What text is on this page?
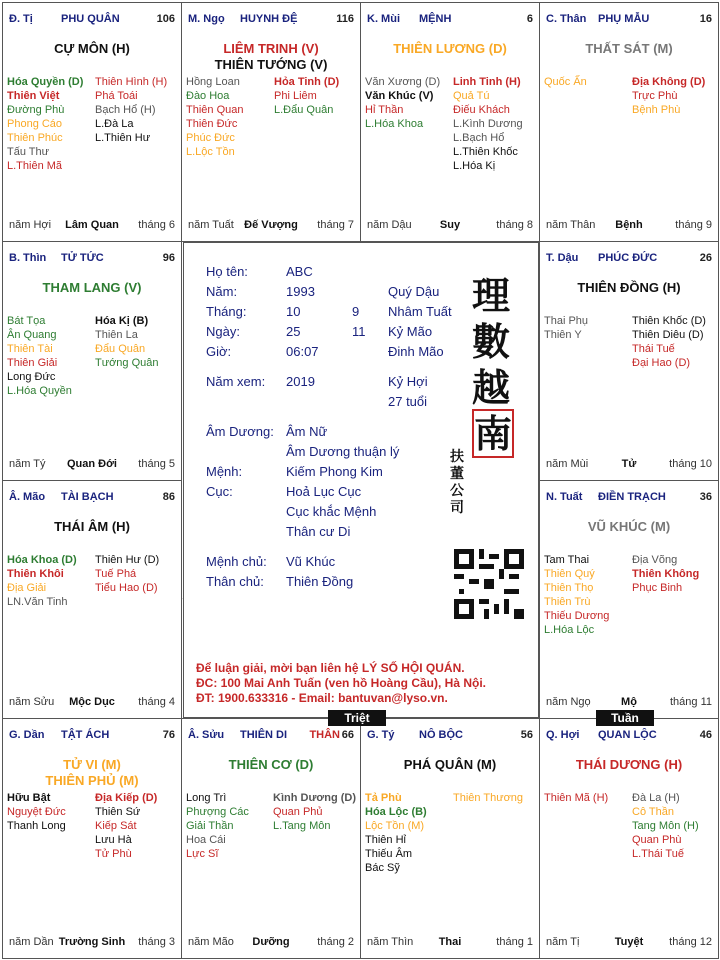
Q. Hợi QUAN LỘC	46
THÁI DƯƠNG (H)
Thiên Mã (H)	Đà La (H)
Cô Thần
Tang Môn (H)
Quan Phù
L.Thái Tuế
năm Tị	Tuyệt	tháng 12
G. Tý NÔ BỘC	56
PHÁ QUÂN (M)
Tả Phù
Hóa Lộc (B)
Lộc Tồn (M)
Thiên Hỉ
Thiếu Âm
Bác Sỹ
Thiên Thương
năm Thìn	Thai	tháng 1
Â. Sửu THIÊN DI	66
THÂN
THIÊN CƠ (D)
Long Trì
Phượng Các
Giải Thần
Hoa Cái
Lực Sĩ
Kình Dương (D)
Quan Phủ
L.Tang Môn
năm Mão	Dưỡng	tháng 2
G. Dần TẬT ÁCH	76
TỬ VI (M)
THIÊN PHỦ (M)
Hữu Bật
Nguyệt Đức
Thanh Long
Địa Kiếp (D)
Thiên Sứ
Kiếp Sát
Lưu Hà
Tử Phù
năm Dần Trường Sinh	tháng 3
N. Tuất ĐIỀN TRẠCH	36
VŨ KHÚC (M)
Tam Thai
Thiên Quý
Thiên Thọ
Thiên Trù
Thiếu Dương
L.Hóa Lộc
Địa Võng
Thiên Không
Phục Binh
năm Ngọ	Mộ	tháng 11
Â. Mão TÀI BẠCH	86
THÁI ÂM (H)
Hóa Khoa (D)
Thiên Khôi
Địa Giải
LN.Văn Tinh
Thiên Hư (D)
Tuế Phá
Tiểu Hao (D)
năm Sửu	Mộc Dục	tháng 4
T. Dậu PHÚC ĐỨC	26
THIÊN ĐỒNG (H)
Thai Phụ
Thiên Y
Thiên Khốc (D)
Thiên Diêu (D)
Thái Tuế
Đại Hao (D)
năm Mùi	Tử	tháng 10
B. Thìn TỬ TỨC	96
THAM LANG (V)
Bát Tọa
Ân Quang
Thiên Tài
Thiên Giải
Long Đức
L.Hóa Quyền
Hóa Kị (B)
Thiên La
Đẩu Quân
Tướng Quân
năm Tý	Quan Đới	tháng 5
C. Thân PHỤ MẪU	16
THẤT SÁT (M)
Quốc Ấn	Địa Không (D)
Trực Phù
Bệnh Phù
năm Thân	Bệnh	tháng 9
K. Mùi MỆNH	6
THIÊN LƯƠNG (D)
Văn Xương (D)
Văn Khúc (V)
Hỉ Thần
L.Hóa Khoa
Linh Tinh (H)
Quả Tú
Điếu Khách
L.Kình Dương
L.Bạch Hổ
L.Thiên Khốc
L.Hóa Kị
năm Dậu	Suy	tháng 8
M. Ngọ HUYNH ĐỆ	116
LIÊM TRINH (V)
THIÊN TƯỚNG (V)
Hồng Loan
Đào Hoa
Thiên Quan
Thiên Đức
Phúc Đức
L.Lộc Tồn
Hỏa Tinh (D)
Phi Liêm
L.Đẩu Quân
năm Tuất Đế Vượng	tháng 7
Đ. Tị	PHU QUÂN	106
CỰ MÔN (H)
Hóa Quyền (D)
Thiên Việt
Đường Phù
Phong Cáo
Thiên Phúc
Tấu Thư
L.Thiên Mã
Thiên Hình (H)
Phá Toái
Bạch Hổ (H)
L.Đà La
L.Thiên Hư
năm Hợi	Lâm Quan	tháng 6
Họ tên:	ABC
Năm:	1993	Quý Dậu
Tháng:	10	9 Nhâm Tuất
Ngày:	25	11 Kỷ Mão
Giờ:	06:07	Đinh Mão
Năm xem: 2019	Kỷ Hợi
27 tuổi
Âm Dương: Âm Nữ
Âm Dương thuận lý
Mệnh:	Kiếm Phong Kim
Cục:	Hoả Lục Cục
Cục khắc Mệnh
Thân cư Di
Mệnh chủ: Vũ Khúc
Thân chủ: Thiên Đồng
理
數
越
南
扶
董
公
司
Để luận giải, mời bạn liên hệ LÝ SỐ HỘI QUÁN.
ĐC: 100 Mai Anh Tuấn (ven hồ Hoàng Cầu), Hà Nội.
ĐT: 1900.633316 - Email: bantuvan@lyso.vn.
Triệt	Tuần
